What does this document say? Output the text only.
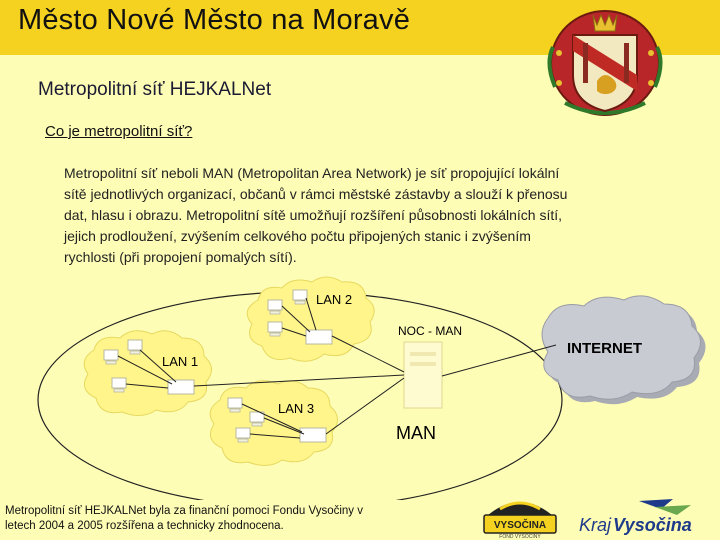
Město Nové Město na Moravě
Metropolitní síť HEJKALNet
Co je metropolitní síť?
Metropolitní síť neboli MAN (Metropolitan Area Network) je síť propojující lokální
sítě jednotlivých organizací, občanů v rámci městské zástavby a slouží k přenosu
dat, hlasu i obrazu. Metropolitní sítě umožňují rozšíření působnosti lokálních sítí,
jejich prodloužení, zvýšením celkového počtu připojených stanic i zvýšením
rychlosti (při propojení pomalých sítí).
LAN 2
NOC - MAN
INTERNET
LAN 1
LAN 3
MAN
Metropolitní síť HEJKALNet byla za finanční pomoci Fondu Vysočiny v
letech 2004 a 2005 rozšířena a technicky zhodnocena.	VYSOČINA
FOND VYSOČINY
Kraj Vysočina
